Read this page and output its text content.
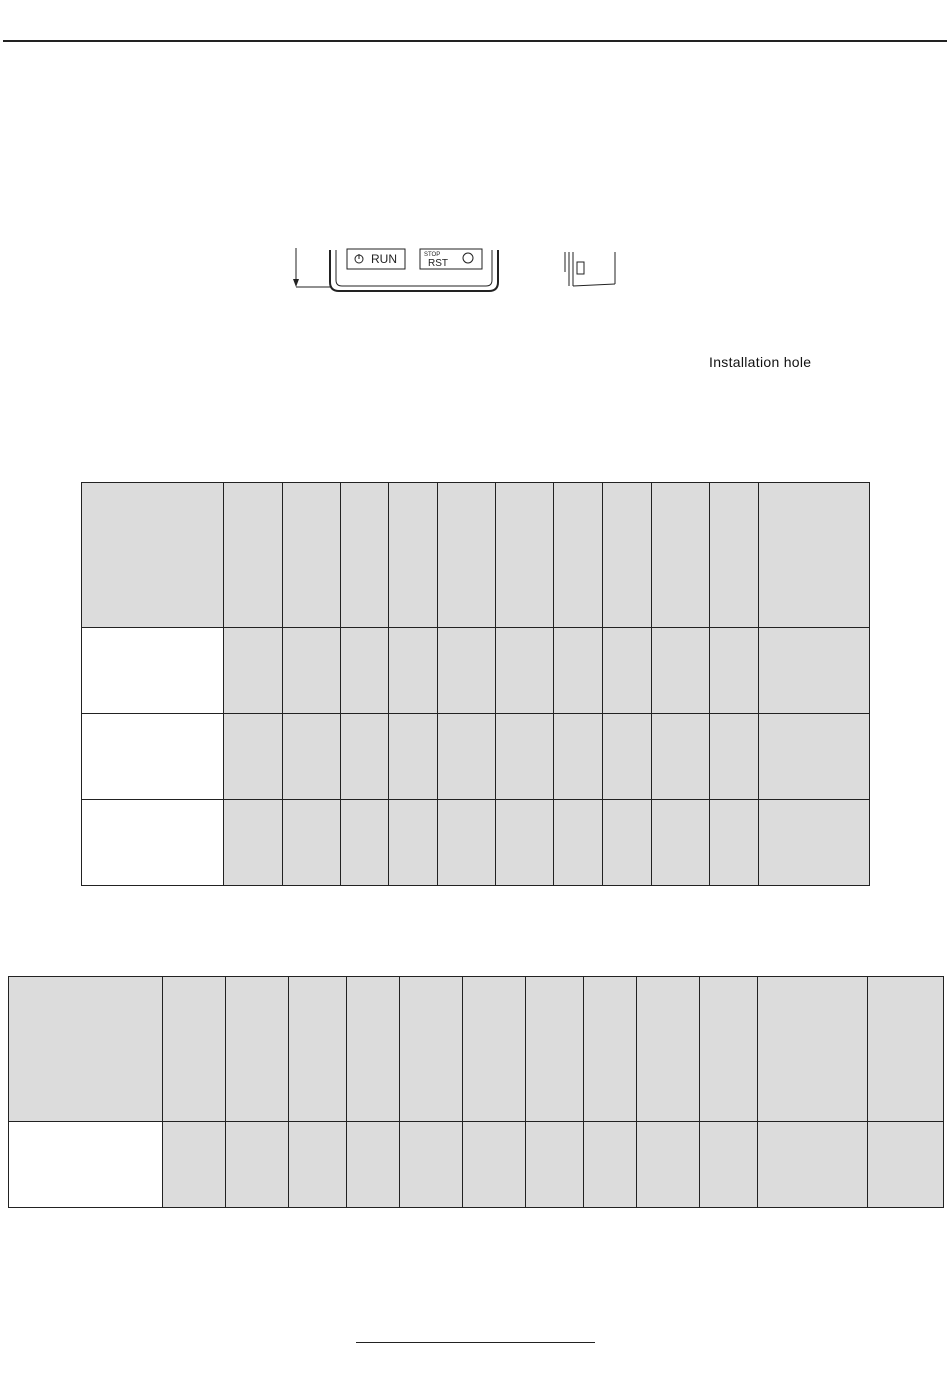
RUN	STOP
RST
Installation hole
